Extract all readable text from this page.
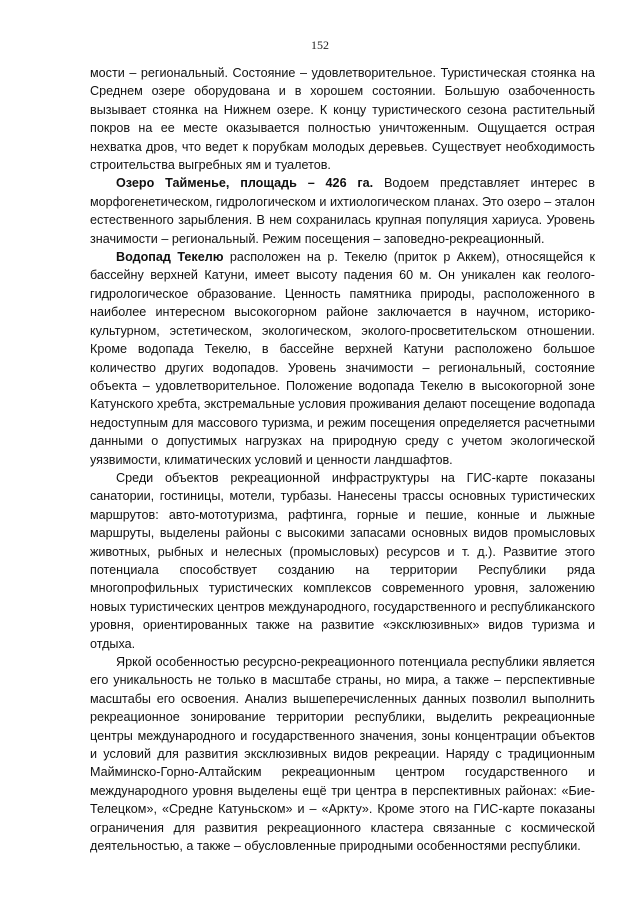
152

мости – региональный. Состояние – удовлетворительное. Туристическая стоянка на Среднем озере оборудована и в хорошем состоянии. Большую озабоченность вызывает стоянка на Нижнем озере. К концу туристического сезона растительный покров на ее месте оказывается полностью уничтоженным. Ощущается острая нехватка дров, что ведет к порубкам молодых деревьев. Существует необходимость строительства выгребных ям и туалетов.

Озеро Тайменье, площадь – 426 га. Водоем представляет интерес в морфогенетическом, гидрологическом и ихтиологическом планах. Это озеро – эталон естественного зарыбления. В нем сохранилась крупная популяция хариуса. Уровень значимости – региональный. Режим посещения – заповедно-рекреационный.

Водопад Текелю расположен на р. Текелю (приток р Аккем), относящейся к бассейну верхней Катуни, имеет высоту падения 60 м. Он уникален как геолого-гидрологическое образование. Ценность памятника природы, расположенного в наиболее интересном высокогорном районе заключается в научном, историко-культурном, эстетическом, экологическом, эколого-просветительском отношении. Кроме водопада Текелю, в бассейне верхней Катуни расположено большое количество других водопадов. Уровень значимости – региональный, состояние объекта – удовлетворительное. Положение водопада Текелю в высокогорной зоне Катунского хребта, экстремальные условия проживания делают посещение водопада недоступным для массового туризма, и режим посещения определяется расчетными данными о допустимых нагрузках на природную среду с учетом экологической уязвимости, климатических условий и ценности ландшафтов.

Среди объектов рекреационной инфраструктуры на ГИС-карте показаны санатории, гостиницы, мотели, турбазы. Нанесены трассы основных туристических маршрутов: авто-мототуризма, рафтинга, горные и пешие, конные и лыжные маршруты, выделены районы с высокими запасами основных видов промысловых животных, рыбных и нелесных (промысловых) ресурсов и т. д.). Развитие этого потенциала способствует созданию на территории Республики ряда многопрофильных туристических комплексов современного уровня, заложению новых туристических центров международного, государственного и республиканского уровня, ориентированных также на развитие «эксклюзивных» видов туризма и отдыха.

Яркой особенностью ресурсно-рекреационного потенциала республики является его уникальность не только в масштабе страны, но мира, а также – перспективные масштабы его освоения. Анализ вышеперечисленных данных позволил выполнить рекреационное зонирование территории республики, выделить рекреационные центры международного и государственного значения, зоны концентрации объектов и условий для развития эксклюзивных видов рекреации. Наряду с традиционным Майминско-Горно-Алтайским рекреационным центром государственного и международного уровня выделены ещё три центра в перспективных районах: «Бие-Телецком», «Средне Катуньском» и – «Аркту». Кроме этого на ГИС-карте показаны ограничения для развития рекреационного кластера связанные с космической деятельностью, а также – обусловленные природными особенностями республики.
